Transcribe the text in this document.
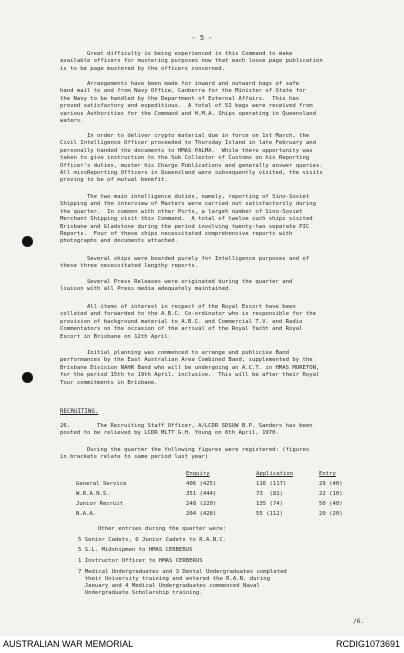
- 5 -

Great difficulty is being experienced in this Command to make
available officers for mustering purposes now that each loose page publication
is to be page mustered by the officers concerned.

Arrangements have been made for inward and outward bags of safe
hand mail to and from Navy Office, Canberra for the Minister of State for
the Navy to be handled by the Department of External Affairs.  This has
proved satisfactory and expeditious.  A total of 52 bags were received from
various Authorities for the Command and H.M.A. Ships operating in Queensland
waters.

In order to deliver crypto material due in force on 1st March, the
Civil Intelligence Officer proceeded to Thursday Island in late February and
personally handed the documents to HMAS PALMA.  While there opportunity was
taken to give instruction to the Sub Collector of Customs on his Reporting
Officer's duties, muster his Charge Publications and generally answer queries.
All missReporting Officers in Queensland were subsequently visited, the visits
proving to be of mutual benefit.

The two main intelligence duties, namely, reporting of Sino-Soviet
Shipping and the interview of Masters were carried out satisfactorily during
the quarter.  In common with other Ports, a large% number of Sino-Soviet
Merchant Shipping visit this Command.  A total of twelve such ships visited
Brisbane and Gladstone during the period involving twenty-two separate PIC
Reports.  Four of these ships necessitated comprehensive reports with
photographs and documents attached.

Several ships were boarded purely for Intelligence purposes and of
these three necessitated lengthy reports.

Several Press Releases were originated during the quarter and
liaison with all Press media adequately maintained.

All items of interest in respect of the Royal Escort have been
collated and forwarded to the A.B.C. Co-ordinator who is responsible for the
provision of background material to A.B.C. and Commercial T.V. and Radio
Commentators on the occasion of the arrival of the Royal Yacht and Royal
Escort in Brisbane on 12th April.

Initial planning was commenced to arrange and publicise Band
performances by the East Australian Area Combined Band, supplemented by the
Brisbane Division NAHR Band who will be undergoing an A.C.T. in HMAS MORETON,
for the period 15th to 19th April, inclusive.  This will be after their Royal
Tour commitments in Brisbane.

RECRUITING.

26.        The Recruiting Staff Officer, A/LCDR SDSUW B.P. Sanders has been
posted to be relieved by LCDR MLTT G.H. Young on 6th April, 1970.

During the quarter the following figures were registered: (figures
in brackets relate to same period last year)

Enquiry	Application	Entry
General Service	406 (425)	116 (117)	29 (40)
W.R.A.N.S.	351 (444)	73  (81)	22 (10)
Junior Recruit	248 (220)	135 (74)	50 (40)
N.A.A.	204 (428)	55 (112)	20 (20)
Other entries during the quarter were:
5 Senior Cadets, 6 Junior Cadets to R.A.N.C.
5 S.L. Midshipmen to HMAS CERBERUS
1 Instructor Officer to HMAS CERBERUS
7 Medical Undergraduates and 3 Dental Undergraduates completed
their University training and entered the R.A.N. during
January and 4 Medical Undergraduates commenced Naval
Undergraduate Scholarship training.
/6.
AUSTRALIAN WAR MEMORIAL	RCDIG1073691
